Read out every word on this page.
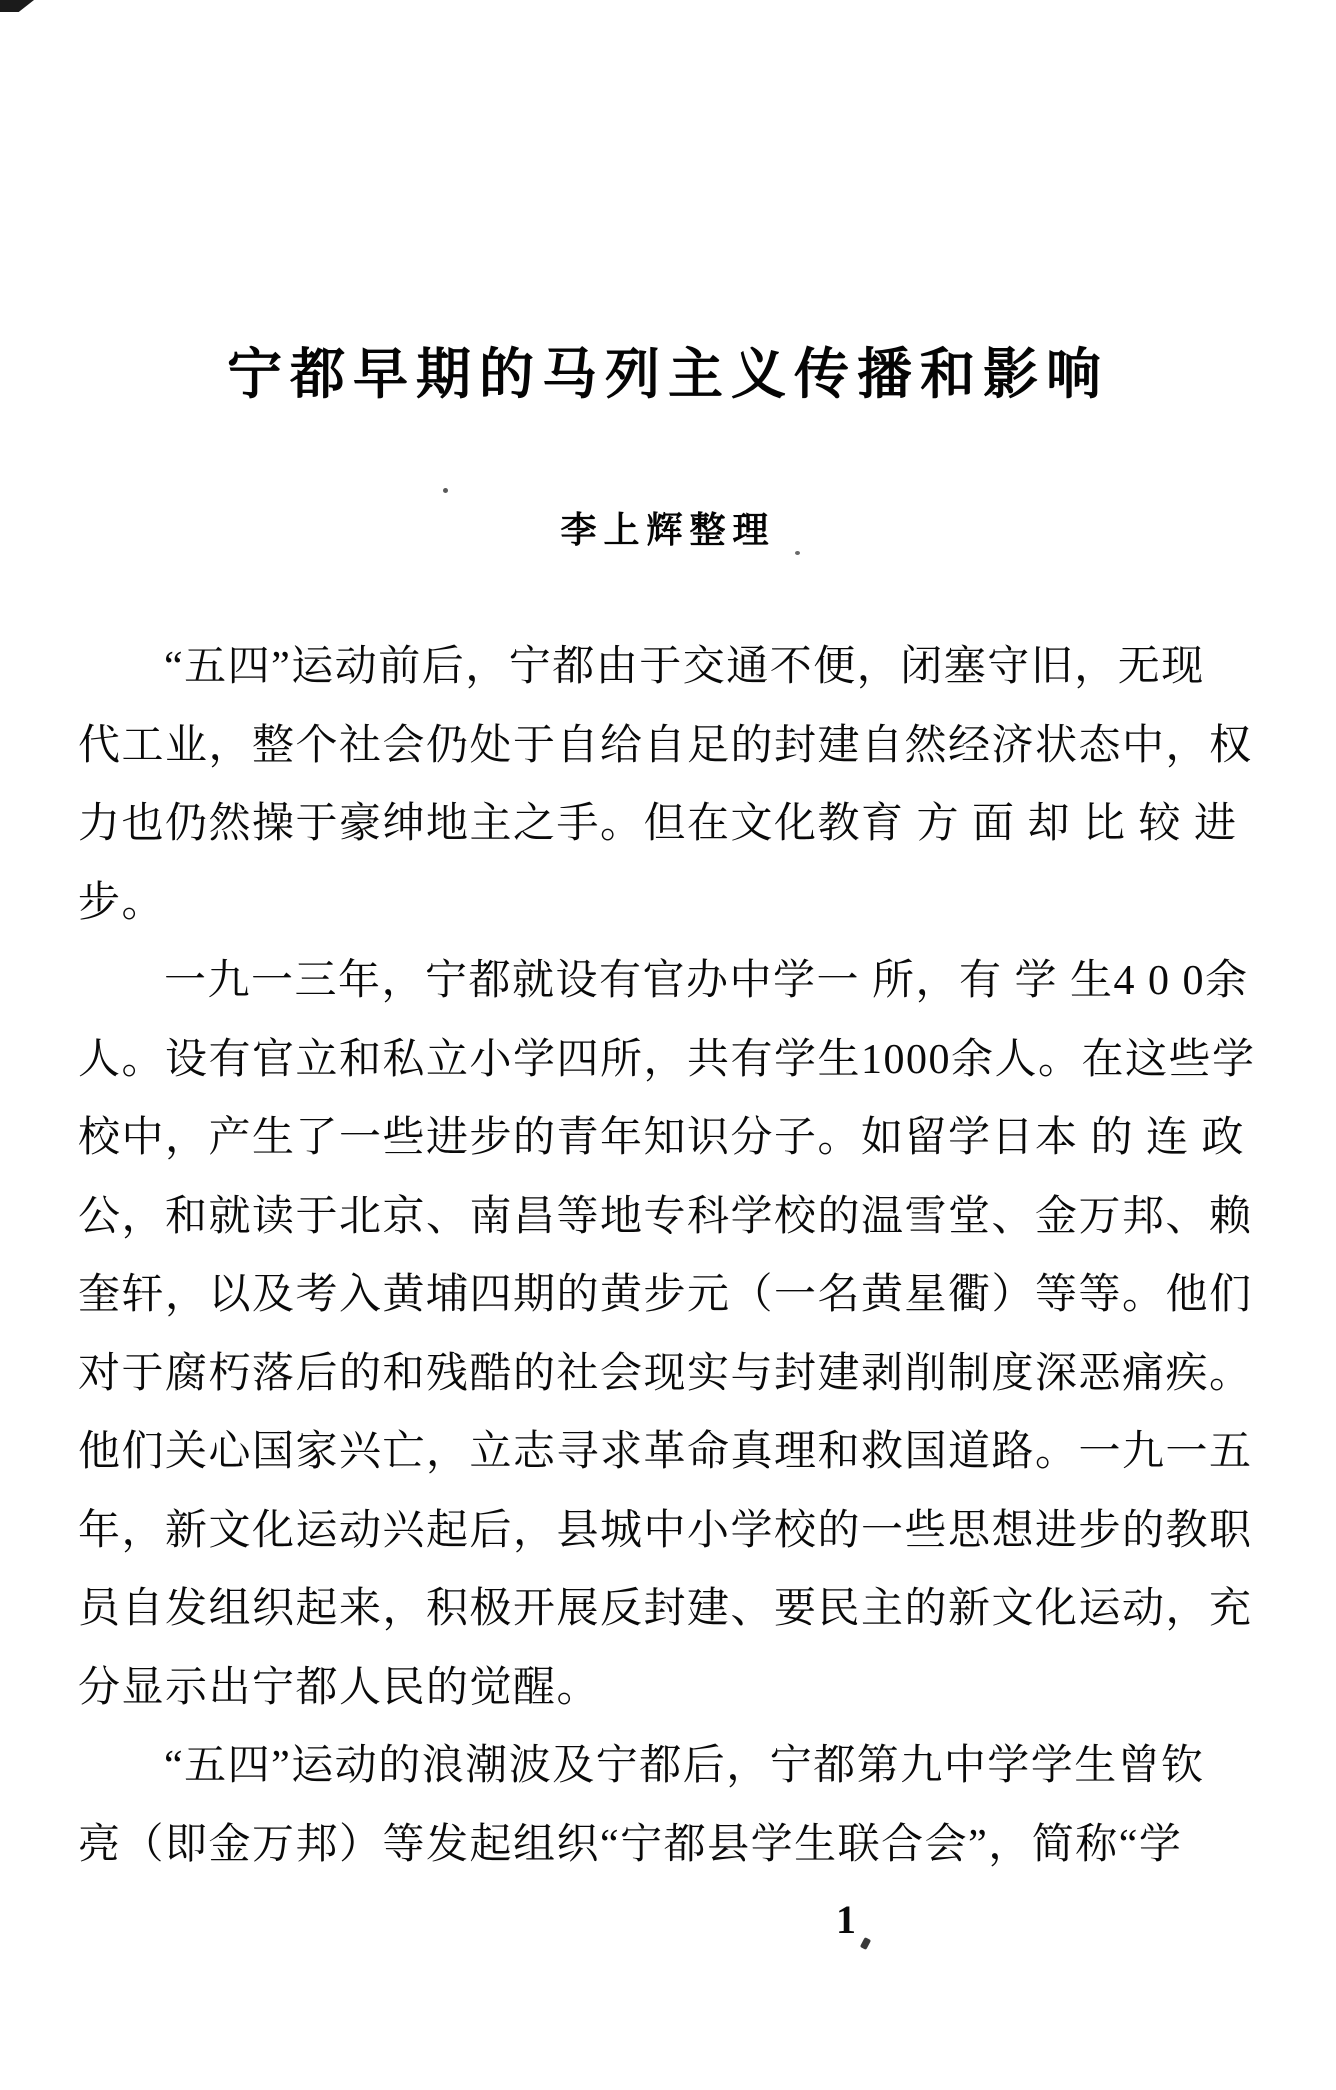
宁都早期的马列主义传播和影响
李上辉整理

“五四”运动前后，宁都由于交通不便，闭塞守旧，无现

代工业，整个社会仍处于自给自足的封建自然经济状态中，权

力也仍然操于豪绅地主之手。但在文化教育 方 面 却 比 较 进

步。

一九一三年，宁都就设有官办中学一 所，有 学 生4 0 0余

人。设有官立和私立小学四所，共有学生1000余人。在这些学

校中，产生了一些进步的青年知识分子。如留学日本 的 连 政

公，和就读于北京、南昌等地专科学校的温雪堂、金万邦、赖

奎轩，以及考入黄埔四期的黄步元（一名黄星衢）等等。他们

对于腐朽落后的和残酷的社会现实与封建剥削制度深恶痛疾。

他们关心国家兴亡，立志寻求革命真理和救国道路。一九一五

年，新文化运动兴起后，县城中小学校的一些思想进步的教职

员自发组织起来，积极开展反封建、要民主的新文化运动，充

分显示出宁都人民的觉醒。

“五四”运动的浪潮波及宁都后，宁都第九中学学生曾钦

亮（即金万邦）等发起组织“宁都县学生联合会”，简称“学

1
